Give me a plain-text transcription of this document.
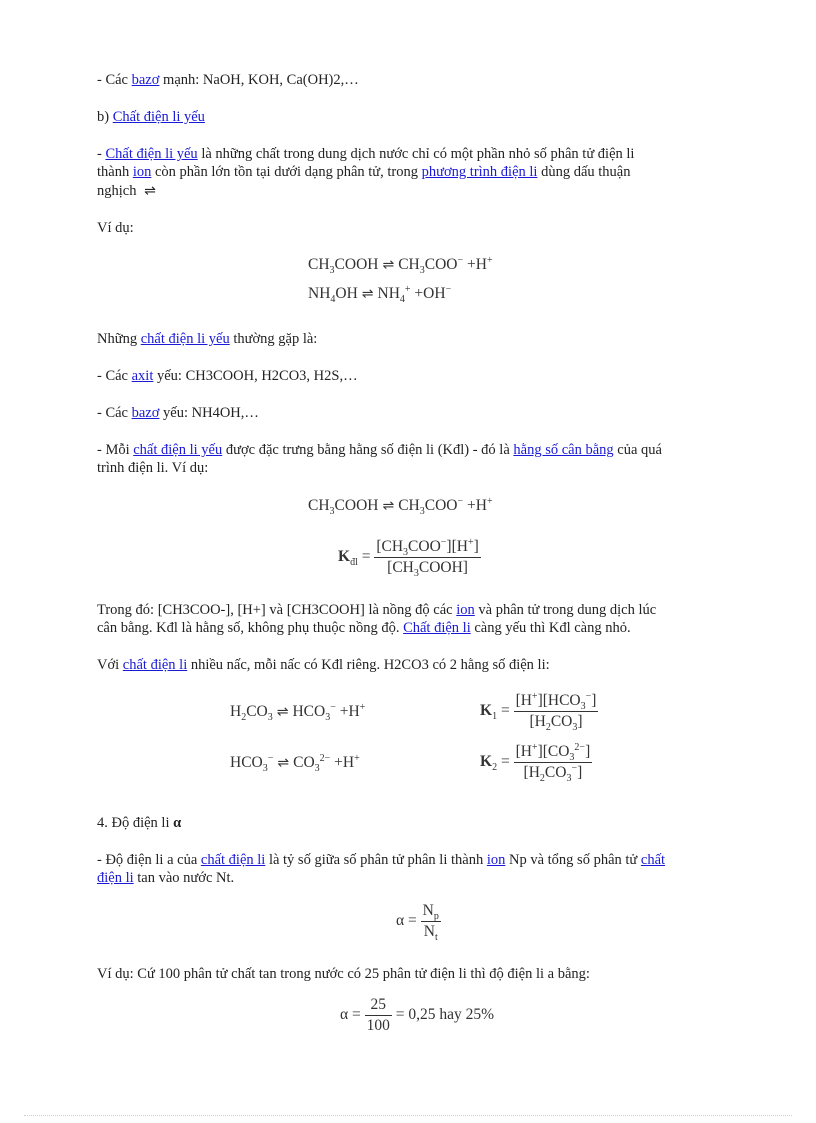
- Các bazơ mạnh: NaOH, KOH, Ca(OH)2,…
b) Chất điện li yếu
- Chất điện li yếu là những chất trong dung dịch nước chỉ có một phần nhỏ số phân tử điện li
thành ion còn phần lớn tồn tại dưới dạng phân tử, trong phương trình điện li dùng dấu thuận
nghịch ⇌
Ví dụ:
$CH_3COOH$ ⇌ $CH_3COO^- +H^+$
$NH_4OH$ ⇌ $NH_4^+ +OH^-$
Những chất điện li yếu thường gặp là:
- Các axit yếu: CH3COOH, H2CO3, H2S,…
- Các bazơ yếu: NH4OH,…
- Mỗi chất điện li yếu được đặc trưng bằng hằng số điện li (Kđl) - đó là hằng số cân bằng của quá
trình điện li. Ví dụ:
$CH_3COOH$ ⇌ $CH_3COO^- +H^+$
$K_{đl} = \frac{[CH_3COO^-][H^+]}{[CH_3COOH]}$
Trong đó: [CH3COO-], [H+] và [CH3COOH] là nồng độ các ion và phân tử trong dung dịch lúc
cân bằng. Kđl là hằng số, không phụ thuộc nồng độ. Chất điện li càng yếu thì Kđl càng nhỏ.
Với chất điện li nhiều nấc, mỗi nấc có Kđl riêng. H2CO3 có 2 hằng số điện li:
$H_2CO_3$ ⇌ $HCO_3^- +H^+$	$K_1 = \frac{[H^+][HCO_3^-]}{[H_2CO_3]}$
$HCO_3^-$ ⇌ $CO_3^{2-} +H^+$	$K_2 = \frac{[H^+][CO_3^{2-}]}{[H_2CO_3^-]}$
4. Độ điện li α
- Độ điện li a của chất điện li là tỷ số giữa số phân tử phân li thành ion Np và tổng số phân tử chất
điện li tan vào nước Nt.
$\alpha = \frac{N_p}{N_t}$
Ví dụ: Cứ 100 phân tử chất tan trong nước có 25 phân tử điện li thì độ điện li a bằng:
$\alpha = \frac{25}{100} = 0,25$ hay 25%
